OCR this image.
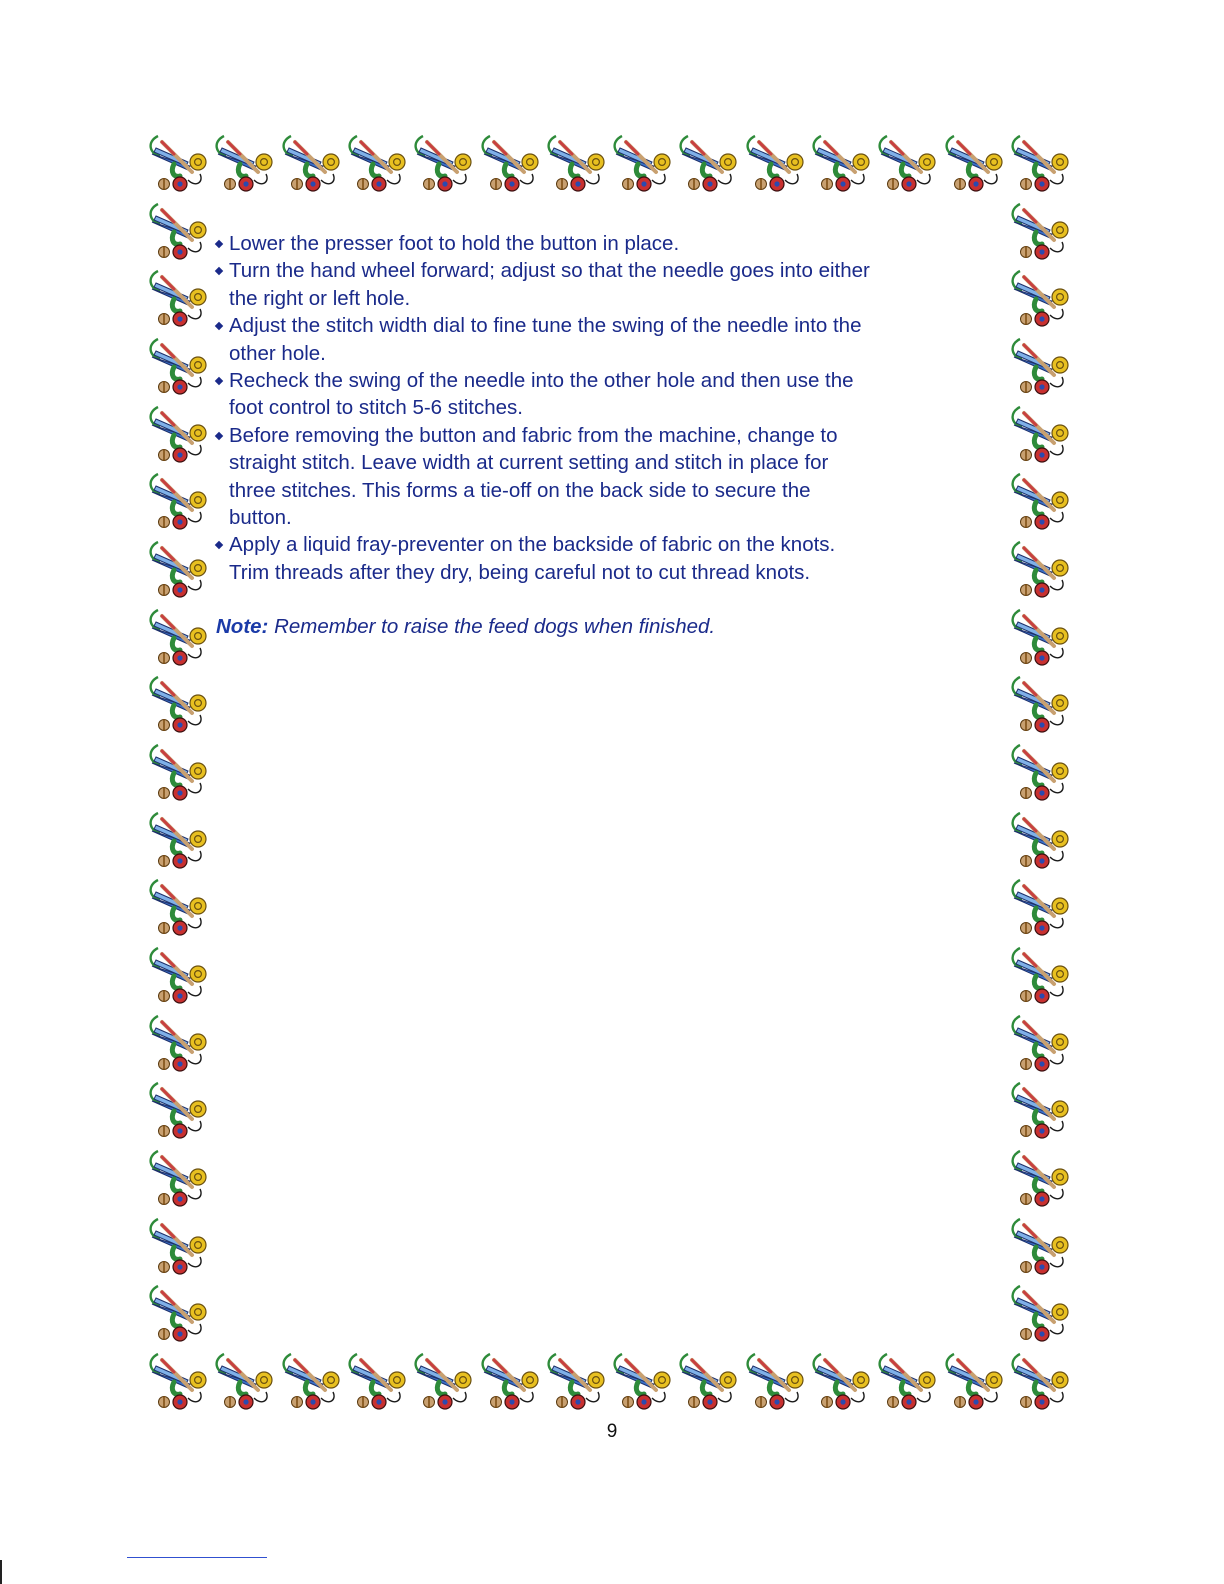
Lower the presser foot to hold the button in place.
Turn the hand wheel forward; adjust so that the needle goes into either
the right or left hole.
Adjust the stitch width dial to fine tune the swing of the needle into the
other hole.
Recheck the swing of the needle into the other hole and then use the
foot control to stitch 5-6 stitches.
Before removing the button and fabric from the machine, change to
straight stitch. Leave width at current setting and stitch in place for
three stitches. This forms a tie-off on the back side to secure the
button.
Apply a liquid fray-preventer on the backside of fabric on the knots.
Trim threads after they dry, being careful not to cut thread knots.
Note: Remember to raise the feed dogs when finished.
9
